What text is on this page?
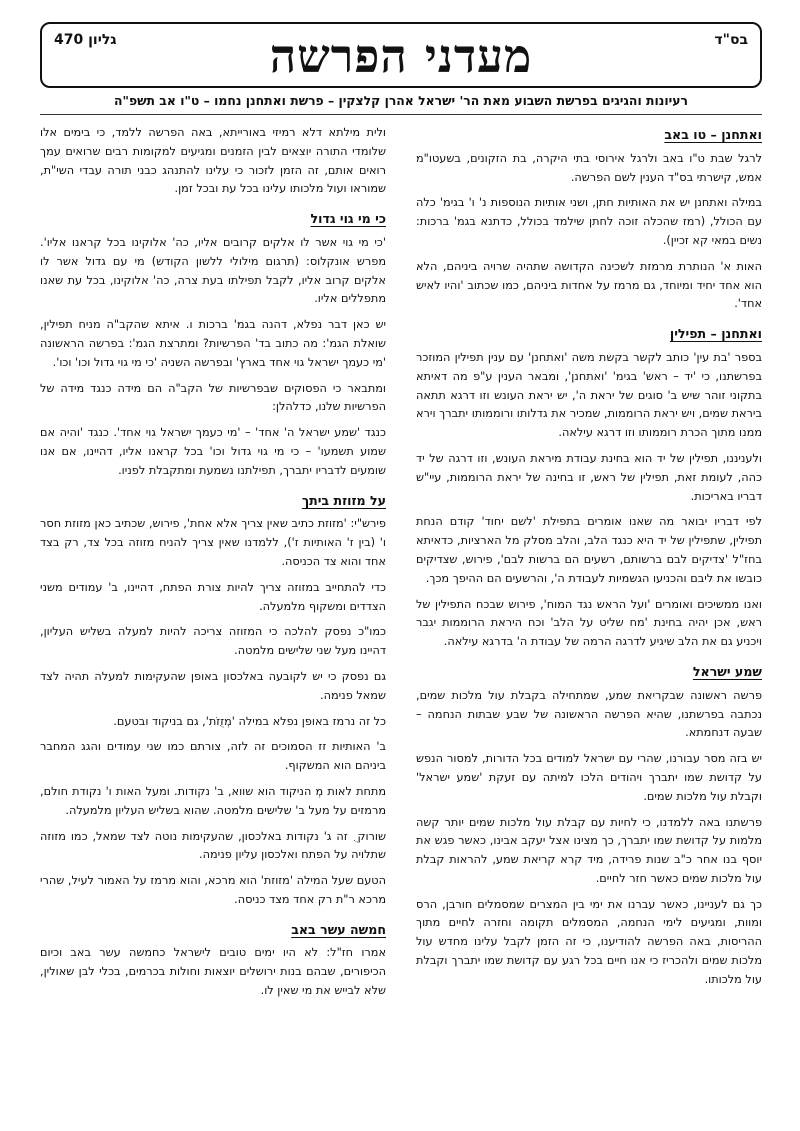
בס"ד
מעדני הפרשה
גליון 470
רעיונות והגיגים בפרשת השבוע מאת הר' ישראל אהרן קלצקין – פרשת ואתחנן נחמו – ט"ו אב תשפ"ה
ואתחנן – טו באב

לרגל שבת ט"ו באב ולרגל אירוסי בתי היקרה, בת הזקונים, בשעטו"מ אמש, קישרתי בס"ד הענין לשם הפרשה.

במילה ואתחנן יש את האותיות חתן, ושני אותיות הנוספות נ' ו' בגימ' כלה עם הכולל, (רמז שהכלה זוכה לחתן שילמד בכולל, כדתנא בגמ' ברכות: נשים במאי קא זכיין).

האות א' הנותרת מרמזת לשכינה הקדושה שתהיה שרויה ביניהם, הלא הוא אחד יחיד ומיוחד, גם מרמז על אחדות ביניהם, כמו שכתוב 'והיו לאיש אחד'.

ואתחנן – תפילין

בספר 'בת עין' כותב לקשר בקשת משה 'ואתחנן' עם ענין תפילין המוזכר בפרשתנו, כי 'יד – ראש' בגימ' 'ואתחנן', ומבאר הענין ע"פ מה דאיתא בתקוני זוהר שיש ב' סוגים של יראת ה', יש יראת העונש וזו דרגא תתאה ביראת שמים, ויש יראת הרוממות, שמכיר את גדלותו ורוממותו יתברך וירא ממנו מתוך הכרת רוממותו וזו דרגא עילאה.

ולעניננו, תפילין של יד הוא בחינת עבודת מיראת העונש, וזו דרגה של יד כהה, לעומת זאת, תפילין של ראש, זו בחינה של יראת הרוממות, עיי"ש דבריו באריכות.

לפי דבריו יבואר מה שאנו אומרים בתפילת 'לשם יחוד' קודם הנחת תפילין, שתפילין של יד היא כנגד הלב, והלב מסלק מל הארציות, כדאיתא בחז"ל 'צדיקים לבם ברשותם, רשעים הם ברשות לבם', פירוש, שצדיקים כובשו את ליבם והכניעו הגשמיות לעבודת ה', והרשעים הם ההיפך מכך.

ואנו ממשיכים ואומרים 'ועל הראש נגד המוח', פירוש שבכח התפילין של ראש, אכן יהיה בחינת 'מח שליט על הלב' וכח היראת הרוממות יגבר ויכניע גם את הלב שיגיע לדרגה הרמה של עבודת ה' בדרגא עילאה.

שמע ישראל

פרשה ראשונה שבקריאת שמע, שמתחילה בקבלת עול מלכות שמים, נכתבה בפרשתנו, שהיא הפרשה הראשונה של שבע שבתות הנחמה – שבעה דנחמתא.

יש בזה מסר עבורנו, שהרי עם ישראל למודים בכל הדורות, למסור הנפש על קדושת שמו יתברך ויהודים הלכו למיתה עם זעקת 'שמע ישראל' וקבלת עול מלכות שמים.

פרשתנו באה ללמדנו, כי לחיות עם קבלת עול מלכות שמים יותר קשה מלמות על קדושת שמו יתברך, כך מצינו אצל יעקב אבינו, כאשר פגש את יוסף בנו אחר כ"ב שנות פרידה, מיד קרא קריאת שמע, להראות קבלת עול מלכות שמים כאשר חזר לחיים.

כך גם לעניינו, כאשר עברנו את ימי בין המצרים שמסמלים חורבן, הרס ומוות, ומגיעים לימי הנחמה, המסמלים תקומה וחזרה לחיים מתוך ההריסות, באה הפרשה להודיענו, כי זה הזמן לקבל עלינו מחדש עול מלכות שמים ולהכריז כי אנו חיים בכל רגע עם קדושת שמו יתברך וקבלת עול מלכותו.

ולית מילתא דלא רמיזי באורייתא, באה הפרשה ללמד, כי בימים אלו שלומדי התורה יוצאים לבין הזמנים ומגיעים למקומות רבים שרואים עמך רואים אותם, זה הזמן לזכור כי עלינו להתנהג כבני תורה עבדי השי"ת, שמוראו ועול מלכותו עלינו בכל עת ובכל זמן.

כי מי גוי גדול

'כי מי גוי אשר לו אלקים קרובים אליו, כה' אלוקינו בכל קראנו אליו'. מפרש אונקלוס: (תרגום מילולי ללשון הקודש) מי עם גדול אשר לו אלקים קרוב אליו, לקבל תפילתו בעת צרה, כה' אלוקינו, בכל עת שאנו מתפללים אליו.

יש כאן דבר נפלא, דהנה בגמ' ברכות ו. איתא שהקב"ה מניח תפילין, שואלת הגמ': מה כתוב בד' הפרשיות? ומתרצת הגמ': בפרשה הראשונה 'מי כעמך ישראל גוי אחד בארץ' ובפרשה השניה 'כי מי גוי גדול וכו' וכו'.

ומתבאר כי הפסוקים שבפרשיות של הקב"ה הם מידה כנגד מידה של הפרשיות שלנו, כדלהלן:

כנגד 'שמע ישראל ה' אחד' – 'מי כעמך ישראל גוי אחד'. כנגד 'והיה אם שמוע תשמעו' – כי מי גוי גדול וכו' בכל קראנו אליו, דהיינו, אם אנו שומעים לדבריו יתברך, תפילתנו נשמעת ומתקבלת לפניו.

על מזוזת ביתך

פירש"י: 'מזוזת כתיב שאין צריך אלא אחת', פירוש, שכתיב כאן מזוזת חסר ו' (בין ז' האותיות ז'), ללמדנו שאין צריך להניח מזוזה בכל צד, רק בצד אחד והוא צד הכניסה.

כדי להתחייב במזוזה צריך להיות צורת הפתח, דהיינו, ב' עמודים משני הצדדים ומשקוף מלמעלה.

כמו"כ נפסק להלכה כי המזוזה צריכה להיות למעלה בשליש העליון, דהיינו מעל שני שלישים מלמטה.

גם נפסק כי יש לקובעה באלכסון באופן שהעקימות למעלה תהיה לצד שמאל פנימה.

כל זה נרמז באופן נפלא במילה 'מְזֻזֹת', גם בניקוד ובטעם.

ב' האותיות זז הסמוכים זה לזה, צורתם כמו שני עמודים והגג המחבר ביניהם הוא המשקוף.

מתחת לאות מְ הניקוד הוא שווא, ב' נקודות. ומעל האות ו' נקודת חולם, מרמזים על מעל ב' שלישים מלמטה. שהוא בשליש העליון מלמעלה.

שורוק ֻ זה ג' נקודות באלכסון, שהעקימות נוטה לצד שמאל, כמו מזוזה שתלויה על הפתח ואלכסון עליון פנימה.

הטעם שעל המילה 'מזוזת' הוא מרכא, והוא מרמז על האמור לעיל, שהרי מרכא ר"ת רק אחד מצד כניסה.

חמשה עשר באב

אמרו חז"ל: לא היו ימים טובים לישראל כחמשה עשר באב וכיום הכיפורים, שבהם בנות ירושלים יוצאות וחולות בכרמים, בכלי לבן שאולין, שלא לבייש את מי שאין לו.
